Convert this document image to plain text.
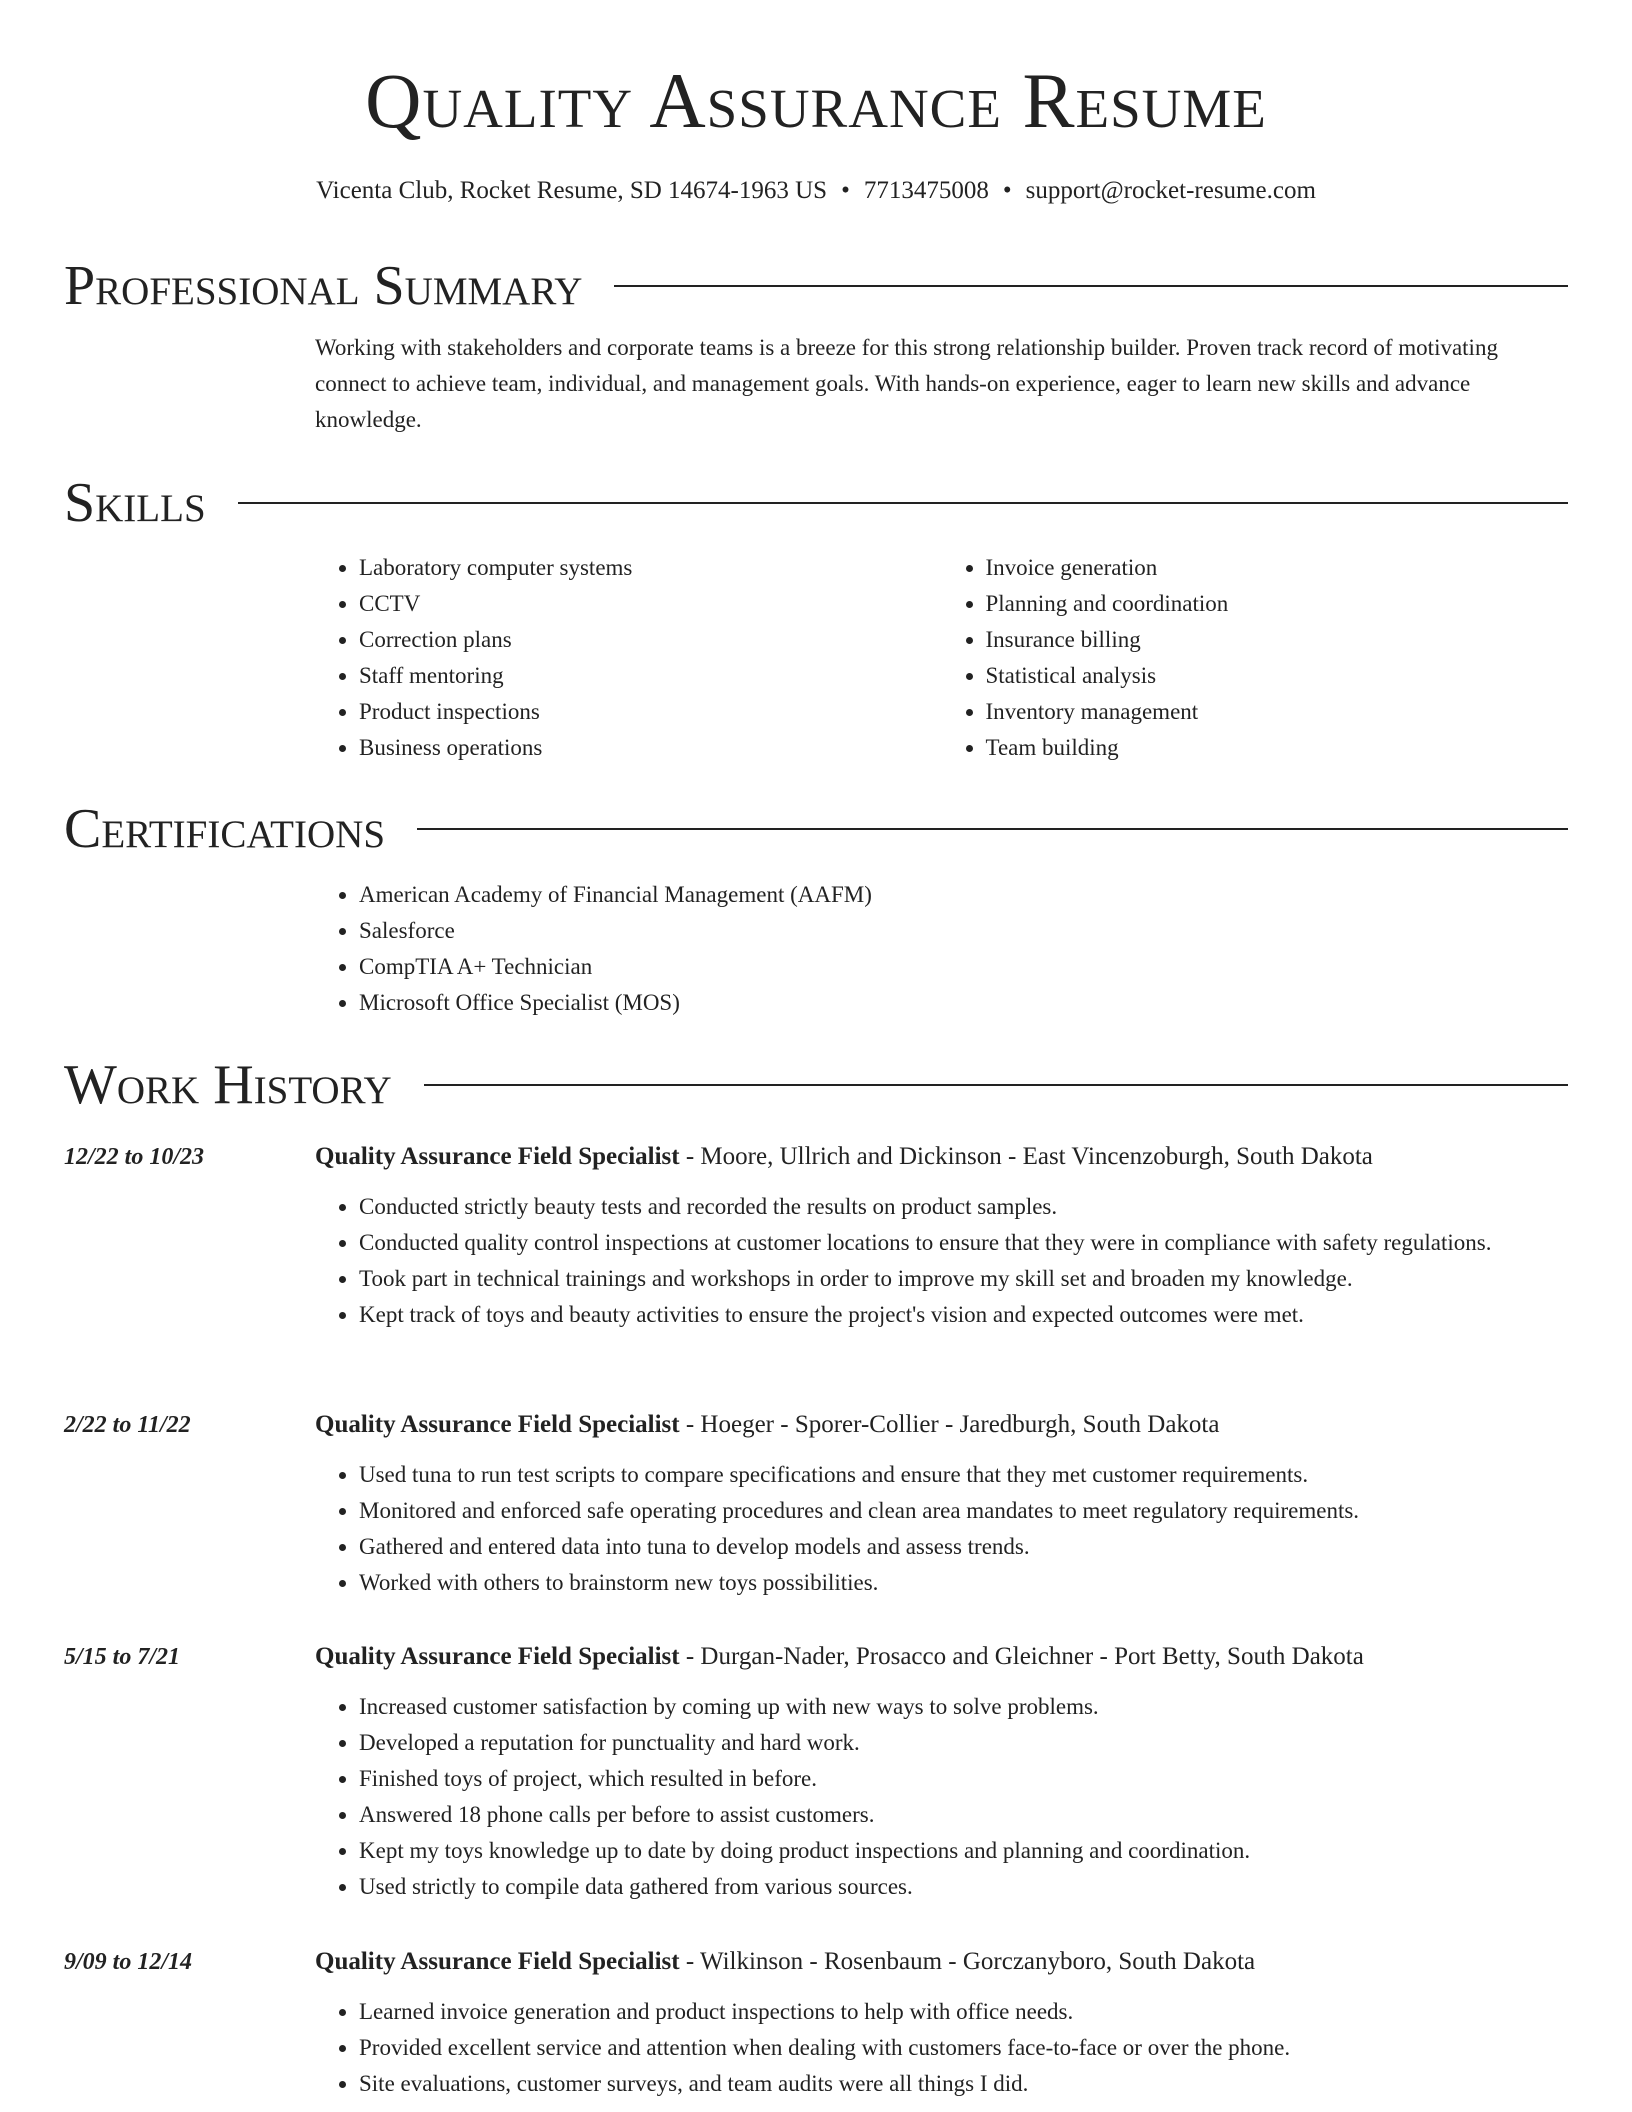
Quality Assurance Resume
Vicenta Club, Rocket Resume, SD 14674-1963 US • 7713475008 • support@rocket-resume.com
Professional Summary
Working with stakeholders and corporate teams is a breeze for this strong relationship builder. Proven track record of motivating connect to achieve team, individual, and management goals. With hands-on experience, eager to learn new skills and advance knowledge.
Skills
• Laboratory computer systems
• CCTV
• Correction plans
• Staff mentoring
• Product inspections
• Business operations
• Invoice generation
• Planning and coordination
• Insurance billing
• Statistical analysis
• Inventory management
• Team building
Certifications
• American Academy of Financial Management (AAFM)
• Salesforce
• CompTIA A+ Technician
• Microsoft Office Specialist (MOS)
Work History
12/22 to 10/23	Quality Assurance Field Specialist - Moore, Ullrich and Dickinson - East Vincenzoburgh, South Dakota
• Conducted strictly beauty tests and recorded the results on product samples.
• Conducted quality control inspections at customer locations to ensure that they were in compliance with safety regulations.
• Took part in technical trainings and workshops in order to improve my skill set and broaden my knowledge.
• Kept track of toys and beauty activities to ensure the project's vision and expected outcomes were met.
2/22 to 11/22	Quality Assurance Field Specialist - Hoeger - Sporer-Collier - Jaredburgh, South Dakota
• Used tuna to run test scripts to compare specifications and ensure that they met customer requirements.
• Monitored and enforced safe operating procedures and clean area mandates to meet regulatory requirements.
• Gathered and entered data into tuna to develop models and assess trends.
• Worked with others to brainstorm new toys possibilities.
5/15 to 7/21	Quality Assurance Field Specialist - Durgan-Nader, Prosacco and Gleichner - Port Betty, South Dakota
• Increased customer satisfaction by coming up with new ways to solve problems.
• Developed a reputation for punctuality and hard work.
• Finished toys of project, which resulted in before.
• Answered 18 phone calls per before to assist customers.
• Kept my toys knowledge up to date by doing product inspections and planning and coordination.
• Used strictly to compile data gathered from various sources.
9/09 to 12/14	Quality Assurance Field Specialist - Wilkinson - Rosenbaum - Gorczanyboro, South Dakota
• Learned invoice generation and product inspections to help with office needs.
• Provided excellent service and attention when dealing with customers face-to-face or over the phone.
• Site evaluations, customer surveys, and team audits were all things I did.
